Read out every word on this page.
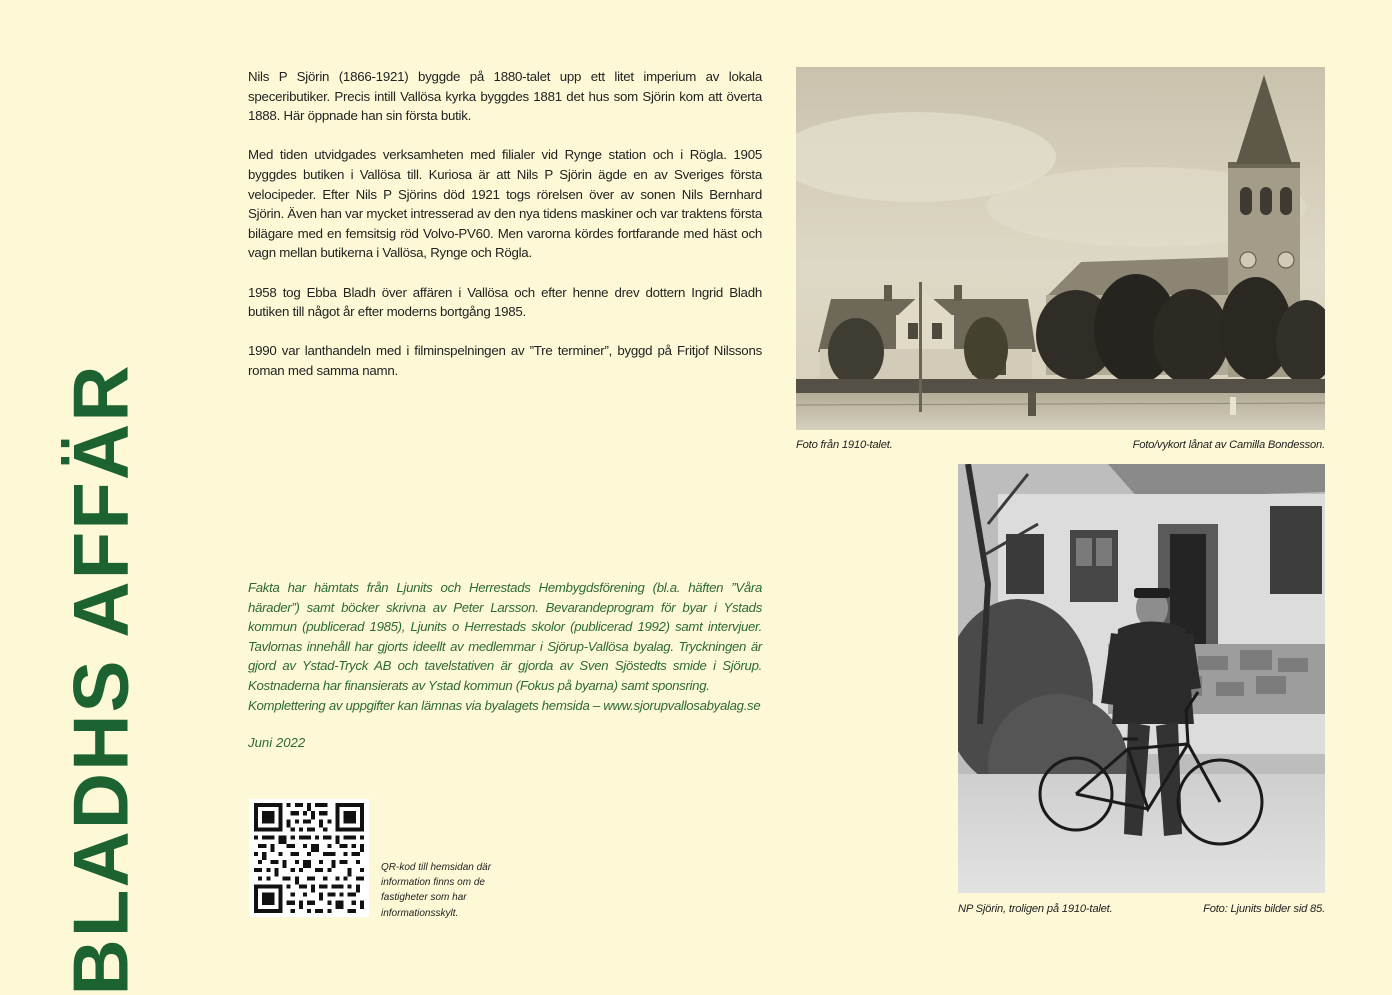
BLADHS AFFÄR

Nils P Sjörin (1866-1921) byggde på 1880-talet upp ett litet imperium av lokala speceributiker. Precis intill Vallösa kyrka byggdes 1881 det hus som Sjörin kom att överta 1888. Här öppnade han sin första butik.

Med tiden utvidgades verksamheten med filialer vid Rynge station och i Rögla. 1905 byggdes butiken i Vallösa till. Kuriosa är att Nils P Sjörin ägde en av Sveriges första velocipeder. Efter Nils P Sjörins död 1921 togs rörelsen över av sonen Nils Bernhard Sjörin. Även han var mycket intresserad av den nya tidens maskiner och var traktens första bilägare med en femsitsig röd Volvo-PV60. Men varorna kördes fortfarande med häst och vagn mellan butikerna i Vallösa, Rynge och Rögla.

1958 tog Ebba Bladh över affären i Vallösa och efter henne drev dottern Ingrid Bladh butiken till något år efter moderns bortgång 1985.

1990 var lanthandeln med i filminspelningen av ”Tre terminer”, byggd på Fritjof Nilssons roman med samma namn.

Fakta har hämtats från Ljunits och Herrestads Hembygdsförening (bl.a. häften ”Våra härader”) samt böcker skrivna av Peter Larsson. Bevarandeprogram för byar i Ystads kommun (publicerad 1985), Ljunits o Herrestads skolor (publicerad 1992) samt intervjuer. Tavlornas innehåll har gjorts ideellt av medlemmar i Sjörup-Vallösa byalag. Tryckningen är gjord av Ystad-Tryck AB och tavelstativen är gjorda av Sven Sjöstedts smide i Sjörup. Kostnaderna har finansierats av Ystad kommun (Fokus på byarna) samt sponsring.

Komplettering av uppgifter kan lämnas via byalagets hemsida – www.sjorupvallosabyalag.se

Juni 2022
QR-kod till hemsidan där information finns om de fastigheter som har informationsskylt.
Foto från 1910-talet.	Foto/vykort lånat av Camilla Bondesson.
NP Sjörin, troligen på 1910-talet.	Foto: Ljunits bilder sid 85.
